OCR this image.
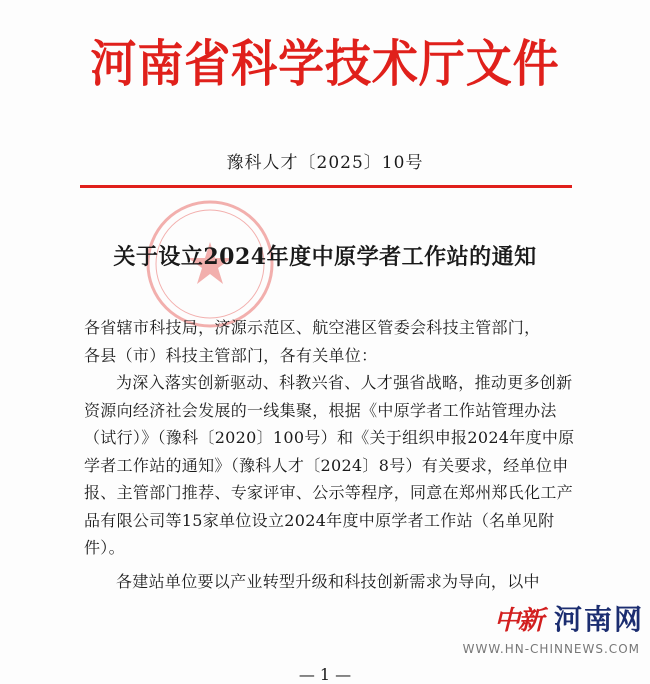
河南省科学技术厅文件
豫科人才〔2025〕10号
关于设立2024年度中原学者工作站的通知

各省辖市科技局，济源示范区、航空港区管委会科技主管部门，

各县（市）科技主管部门，各有关单位：

为深入落实创新驱动、科教兴省、人才强省战略，推动更多创新资源向经济社会发展的一线集聚，根据《中原学者工作站管理办法（试行）》（豫科〔2020〕100号）和《关于组织申报2024年度中原学者工作站的通知》（豫科人才〔2024〕8号）有关要求，经单位申报、主管部门推荐、专家评审、公示等程序，同意在郑州郑氏化工产品有限公司等15家单位设立2024年度中原学者工作站（名单见附件）。

各建站单位要以产业转型升级和科技创新需求为导向，以中

中新 河南网
WWW.HN-CHINNEWS.COM
— 1 —
